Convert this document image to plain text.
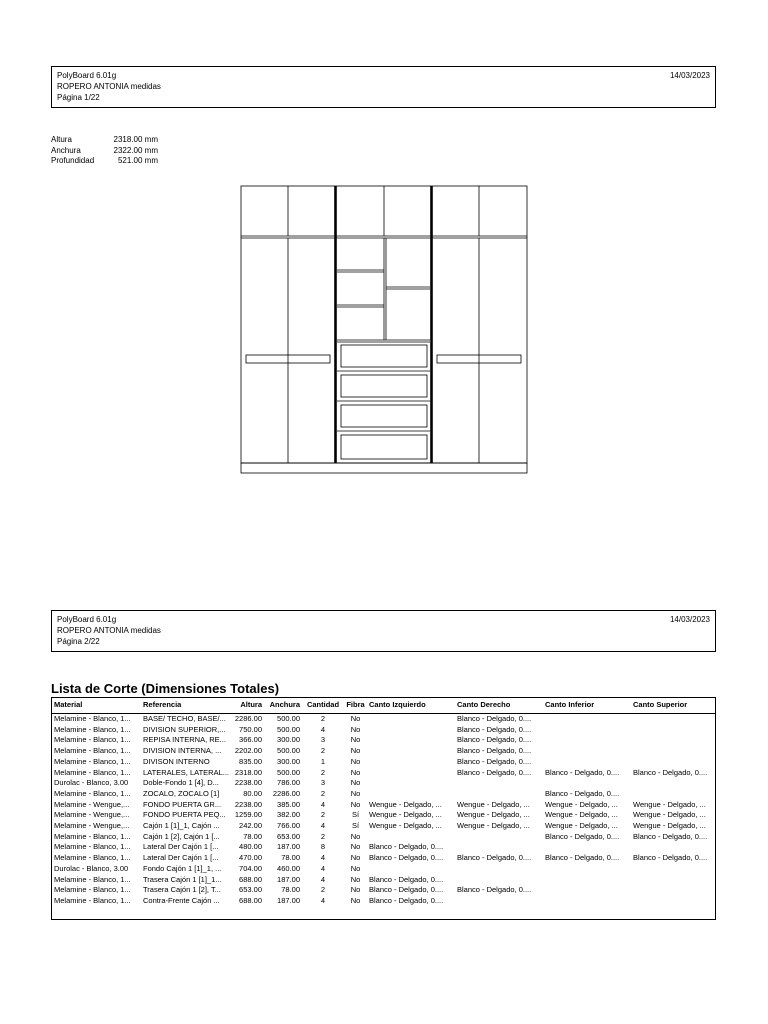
PolyBoard 6.01g
ROPERO ANTONIA medidas
Página 1/22
14/03/2023
Altura	2318.00 mm
Anchura	2322.00 mm
Profundidad	521.00 mm
PolyBoard 6.01g
ROPERO ANTONIA medidas
Página 2/22
14/03/2023
Lista de Corte (Dimensiones Totales)
Material	Referencia	Altura	Anchura	Cantidad	Fibra	Canto Izquierdo	Canto Derecho	Canto Inferior	Canto Superior
Melamine - Blanco, 1...	BASE/ TECHO, BASE/...	2286.00	500.00	2	No		Blanco - Delgado, 0....		
Melamine - Blanco, 1...	DIVISION SUPERIOR,...	750.00	500.00	4	No		Blanco - Delgado, 0....		
Melamine - Blanco, 1...	REPISA INTERNA, RE...	366.00	300.00	3	No		Blanco - Delgado, 0....		
Melamine - Blanco, 1...	DIVISION INTERNA, ...	2202.00	500.00	2	No		Blanco - Delgado, 0....		
Melamine - Blanco, 1...	DIVISON INTERNO	835.00	300.00	1	No		Blanco - Delgado, 0....		
Melamine - Blanco, 1...	LATERALES, LATERAL...	2318.00	500.00	2	No		Blanco - Delgado, 0....	Blanco - Delgado, 0....	Blanco - Delgado, 0....
Durolac - Blanco, 3.00	Doble-Fondo 1 [4], D...	2238.00	786.00	3	No				
Melamine - Blanco, 1...	ZOCALO, ZOCALO [1]	80.00	2286.00	2	No			Blanco - Delgado, 0....	
Melamine - Wengue,...	FONDO PUERTA GR...	2238.00	385.00	4	No	Wengue - Delgado, ...	Wengue - Delgado, ...	Wengue - Delgado, ...	Wengue - Delgado, ...
Melamine - Wengue,...	FONDO PUERTA PEQ...	1259.00	382.00	2	Sí	Wengue - Delgado, ...	Wengue - Delgado, ...	Wengue - Delgado, ...	Wengue - Delgado, ...
Melamine - Wengue,...	Cajón 1 [1]_1, Cajón ...	242.00	766.00	4	Sí	Wengue - Delgado, ...	Wengue - Delgado, ...	Wengue - Delgado, ...	Wengue - Delgado, ...
Melamine - Blanco, 1...	Cajón 1 [2], Cajón 1 [...	78.00	653.00	2	No			Blanco - Delgado, 0....	Blanco - Delgado, 0....
Melamine - Blanco, 1...	Lateral Der Cajón 1 [...	480.00	187.00	8	No	Blanco - Delgado, 0....			
Melamine - Blanco, 1...	Lateral Der Cajón 1 [...	470.00	78.00	4	No	Blanco - Delgado, 0....	Blanco - Delgado, 0....	Blanco - Delgado, 0....	Blanco - Delgado, 0....
Durolac - Blanco, 3.00	Fondo Cajón 1 [1]_1, ...	704.00	460.00	4	No				
Melamine - Blanco, 1...	Trasera Cajón 1 [1]_1...	688.00	187.00	4	No	Blanco - Delgado, 0....			
Melamine - Blanco, 1...	Trasera Cajón 1 [2], T...	653.00	78.00	2	No	Blanco - Delgado, 0....	Blanco - Delgado, 0....		
Melamine - Blanco, 1...	Contra-Frente Cajón ...	688.00	187.00	4	No	Blanco - Delgado, 0....			
